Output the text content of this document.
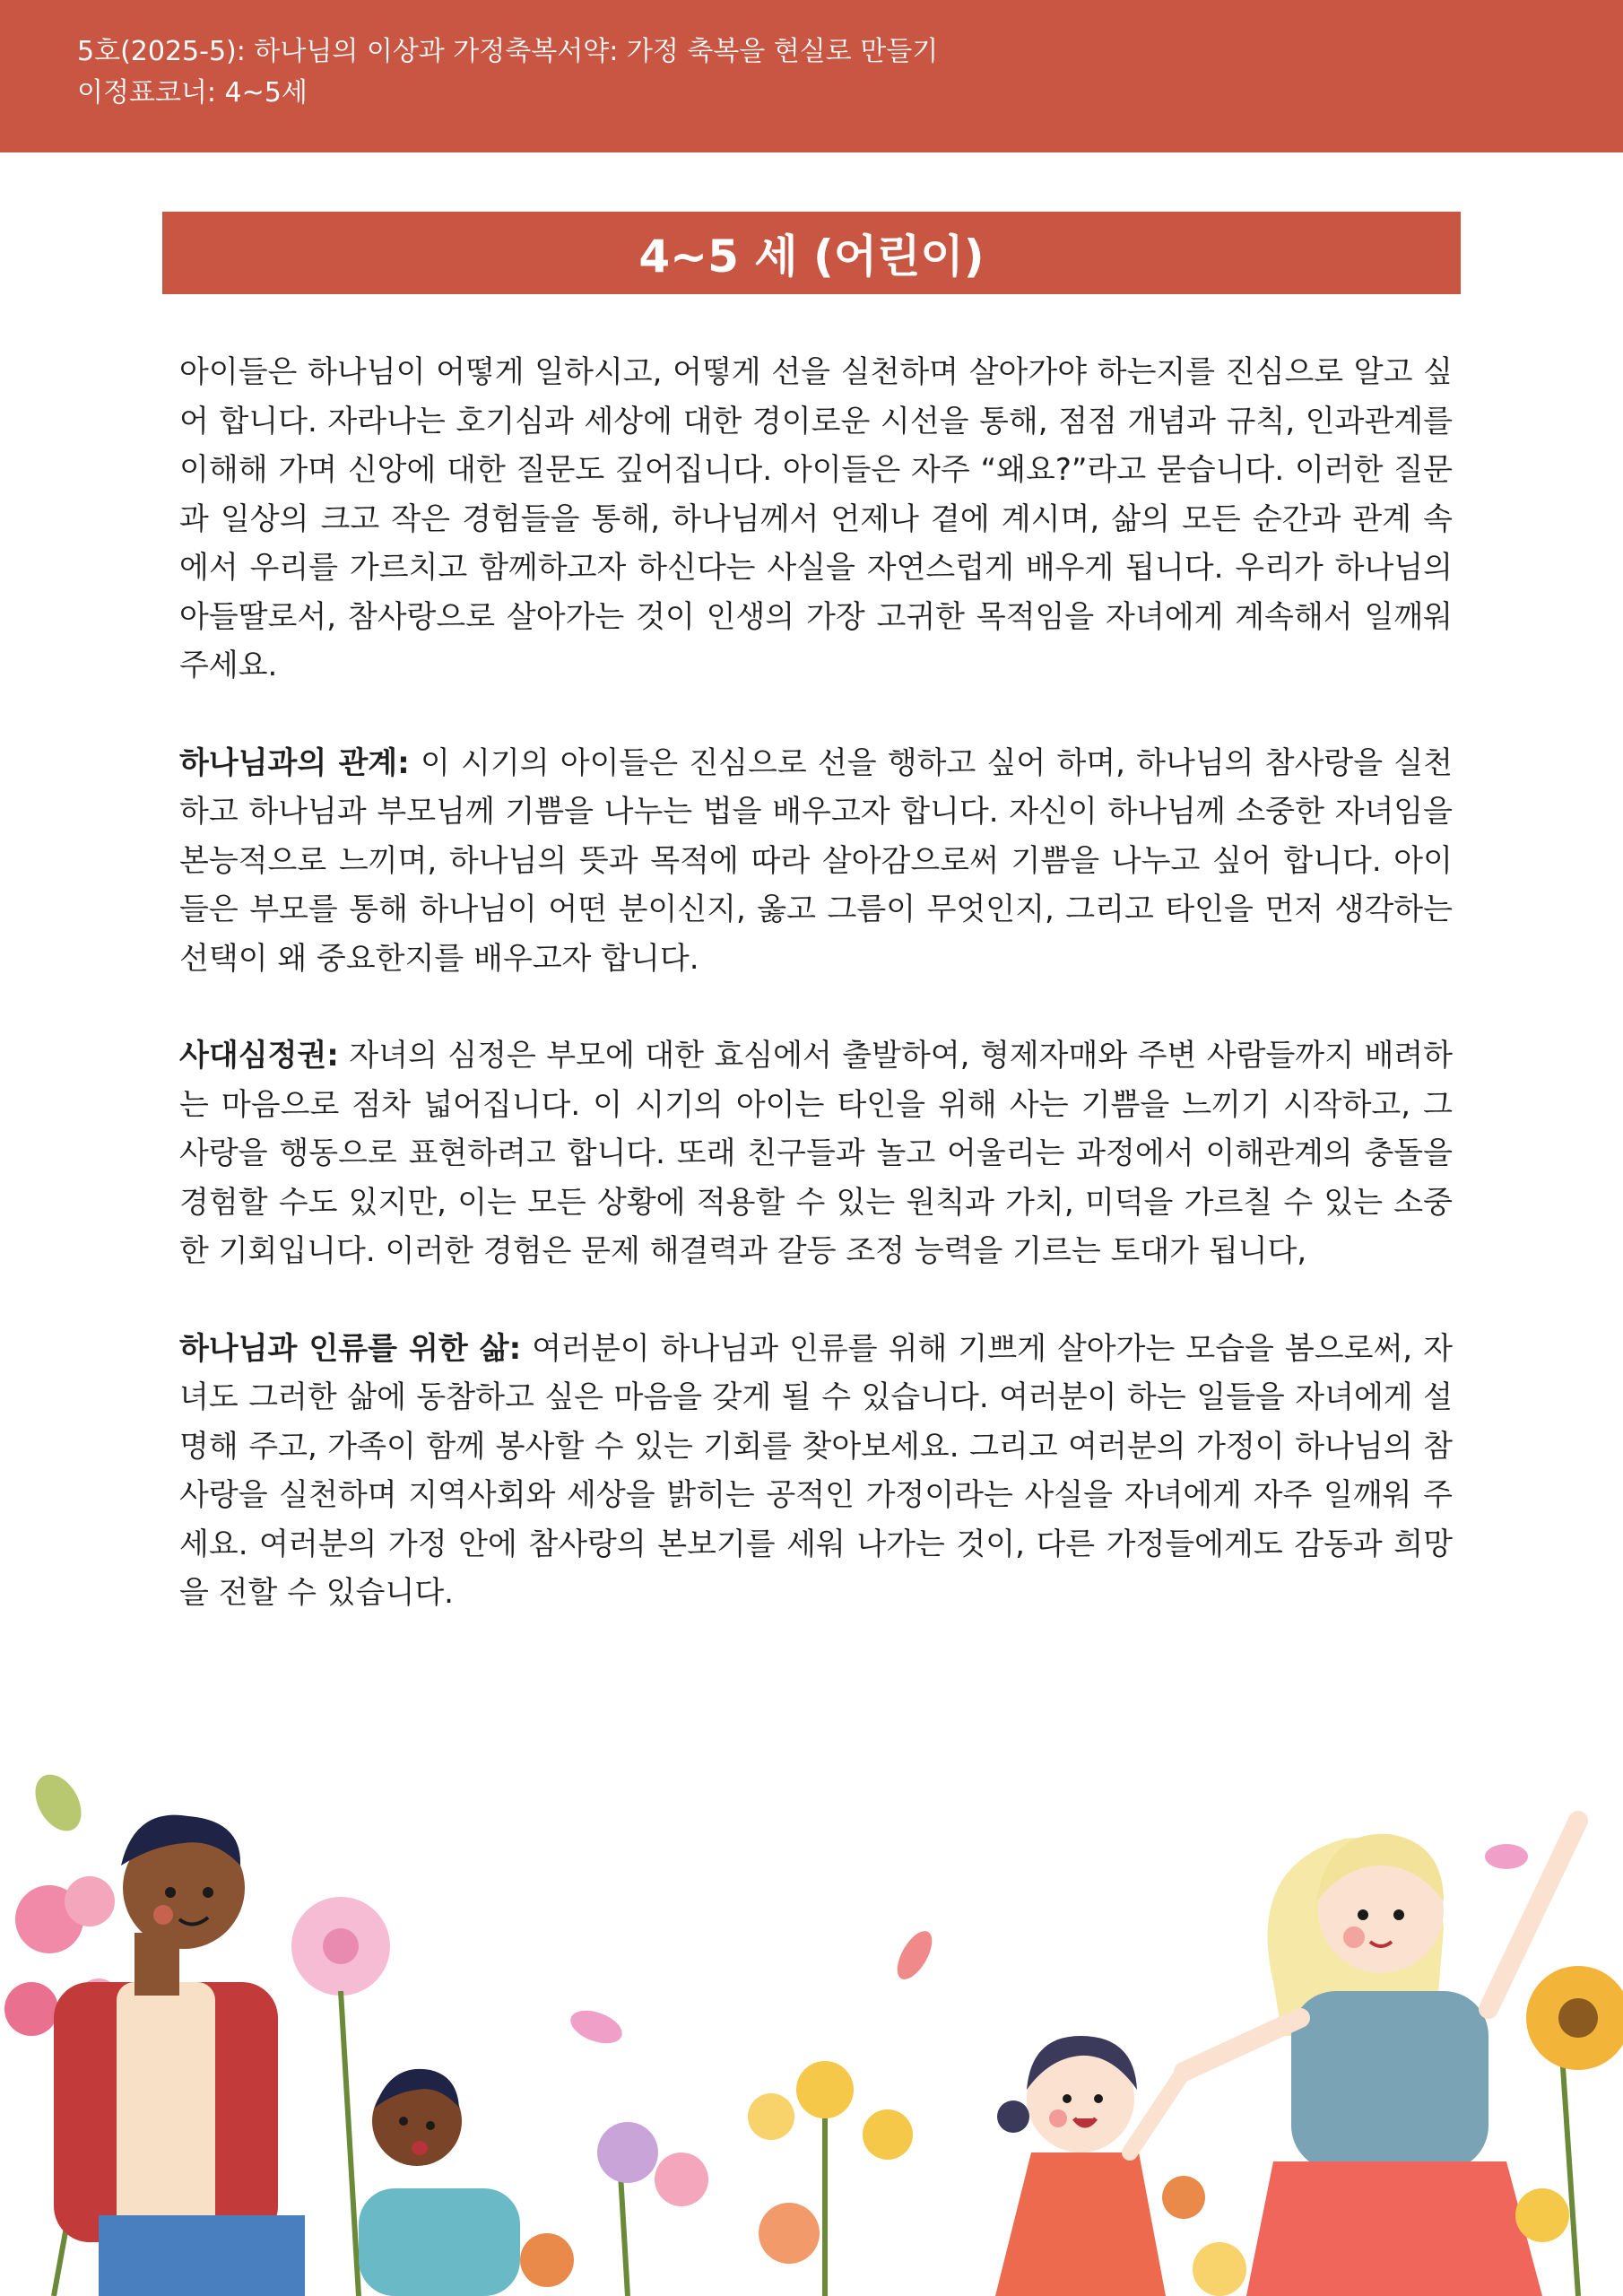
5호(2025-5): 하나님의 이상과 가정축복서약: 가정 축복을 현실로 만들기
이정표코너: 4~5세
4~5 세 (어린이)

아이들은 하나님이 어떻게 일하시고, 어떻게 선을 실천하며 살아가야 하는지를 진심으로 알고 싶어 합니다. 자라나는 호기심과 세상에 대한 경이로운 시선을 통해, 점점 개념과 규칙, 인과관계를 이해해 가며 신앙에 대한 질문도 깊어집니다. 아이들은 자주 “왜요?”라고 묻습니다. 이러한 질문과 일상의 크고 작은 경험들을 통해, 하나님께서 언제나 곁에 계시며, 삶의 모든 순간과 관계 속에서 우리를 가르치고 함께하고자 하신다는 사실을 자연스럽게 배우게 됩니다. 우리가 하나님의 아들딸로서, 참사랑으로 살아가는 것이 인생의 가장 고귀한 목적임을 자녀에게 계속해서 일깨워 주세요.

하나님과의 관계: 이 시기의 아이들은 진심으로 선을 행하고 싶어 하며, 하나님의 참사랑을 실천하고 하나님과 부모님께 기쁨을 나누는 법을 배우고자 합니다. 자신이 하나님께 소중한 자녀임을 본능적으로 느끼며, 하나님의 뜻과 목적에 따라 살아감으로써 기쁨을 나누고 싶어 합니다. 아이들은 부모를 통해 하나님이 어떤 분이신지, 옳고 그름이 무엇인지, 그리고 타인을 먼저 생각하는 선택이 왜 중요한지를 배우고자 합니다.

사대심정권: 자녀의 심정은 부모에 대한 효심에서 출발하여, 형제자매와 주변 사람들까지 배려하는 마음으로 점차 넓어집니다. 이 시기의 아이는 타인을 위해 사는 기쁨을 느끼기 시작하고, 그 사랑을 행동으로 표현하려고 합니다. 또래 친구들과 놀고 어울리는 과정에서 이해관계의 충돌을 경험할 수도 있지만, 이는 모든 상황에 적용할 수 있는 원칙과 가치, 미덕을 가르칠 수 있는 소중한 기회입니다. 이러한 경험은 문제 해결력과 갈등 조정 능력을 기르는 토대가 됩니다,

하나님과 인류를 위한 삶: 여러분이 하나님과 인류를 위해 기쁘게 살아가는 모습을 봄으로써, 자녀도 그러한 삶에 동참하고 싶은 마음을 갖게 될 수 있습니다. 여러분이 하는 일들을 자녀에게 설명해 주고, 가족이 함께 봉사할 수 있는 기회를 찾아보세요. 그리고 여러분의 가정이 하나님의 참사랑을 실천하며 지역사회와 세상을 밝히는 공적인 가정이라는 사실을 자녀에게 자주 일깨워 주세요. 여러분의 가정 안에 참사랑의 본보기를 세워 나가는 것이, 다른 가정들에게도 감동과 희망을 전할 수 있습니다.
